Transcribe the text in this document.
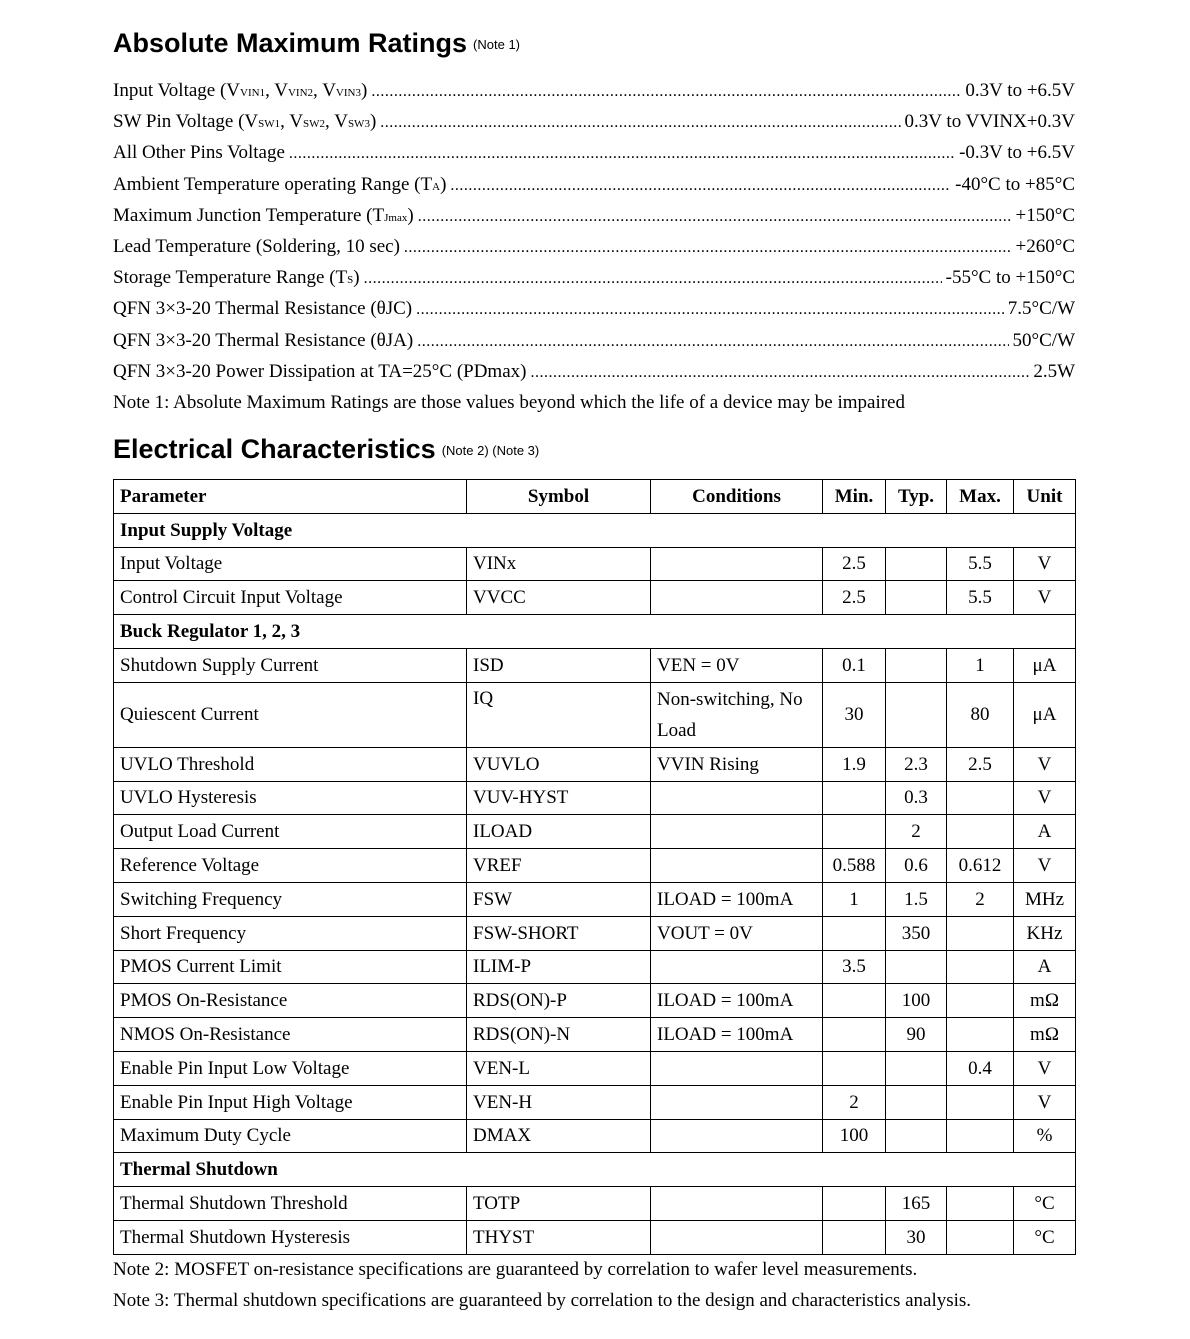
Absolute Maximum Ratings $^{(Note 1)}$
Input Voltage (VVIN1, VVIN2, VVIN3) .....	0.3V to +6.5V
SW Pin Voltage (VSW1, VSW2, VSW3) .....	0.3V to VVINX+0.3V
All Other Pins Voltage .....	-0.3V to +6.5V
Ambient Temperature operating Range (TA) .....	-40°C to +85°C
Maximum Junction Temperature (TJmax) .....	+150°C
Lead Temperature (Soldering, 10 sec) .....	+260°C
Storage Temperature Range (TS) .....	-55°C to +150°C
QFN 3×3-20 Thermal Resistance (θJC) .....	7.5°C/W
QFN 3×3-20 Thermal Resistance (θJA) .....	50°C/W
QFN 3×3-20 Power Dissipation at TA=25°C (PDmax) .....	2.5W
Note 1: Absolute Maximum Ratings are those values beyond which the life of a device may be impaired
Electrical Characteristics $^{(Note 2) (Note 3)}$
Parameter	Symbol	Conditions	Min.	Typ.	Max.	Unit
Input Supply Voltage						
Input Voltage	VINx		2.5		5.5	V
Control Circuit Input Voltage	VVCC		2.5		5.5	V
Buck Regulator 1, 2, 3						
Shutdown Supply Current	ISD	VEN = 0V	0.1		1	μA
Quiescent Current	IQ	Non-switching, No Load	30		80	μA
UVLO Threshold	VUVLO	VVIN Rising	1.9	2.3	2.5	V
UVLO Hysteresis	VUV-HYST			0.3		V
Output Load Current	ILOAD			2		A
Reference Voltage	VREF		0.588	0.6	0.612	V
Switching Frequency	FSW	ILOAD = 100mA	1	1.5	2	MHz
Short Frequency	FSW-SHORT	VOUT = 0V		350		KHz
PMOS Current Limit	ILIM-P		3.5			A
PMOS On-Resistance	RDS(ON)-P	ILOAD = 100mA		100		mΩ
NMOS On-Resistance	RDS(ON)-N	ILOAD = 100mA		90		mΩ
Enable Pin Input Low Voltage	VEN-L				0.4	V
Enable Pin Input High Voltage	VEN-H		2			V
Maximum Duty Cycle	DMAX		100			%
Thermal Shutdown						
Thermal Shutdown Threshold	TOTP			165		°C
Thermal Shutdown Hysteresis	THYST			30		°C
Note 2: MOSFET on-resistance specifications are guaranteed by correlation to wafer level measurements.
Note 3: Thermal shutdown specifications are guaranteed by correlation to the design and characteristics analysis.
